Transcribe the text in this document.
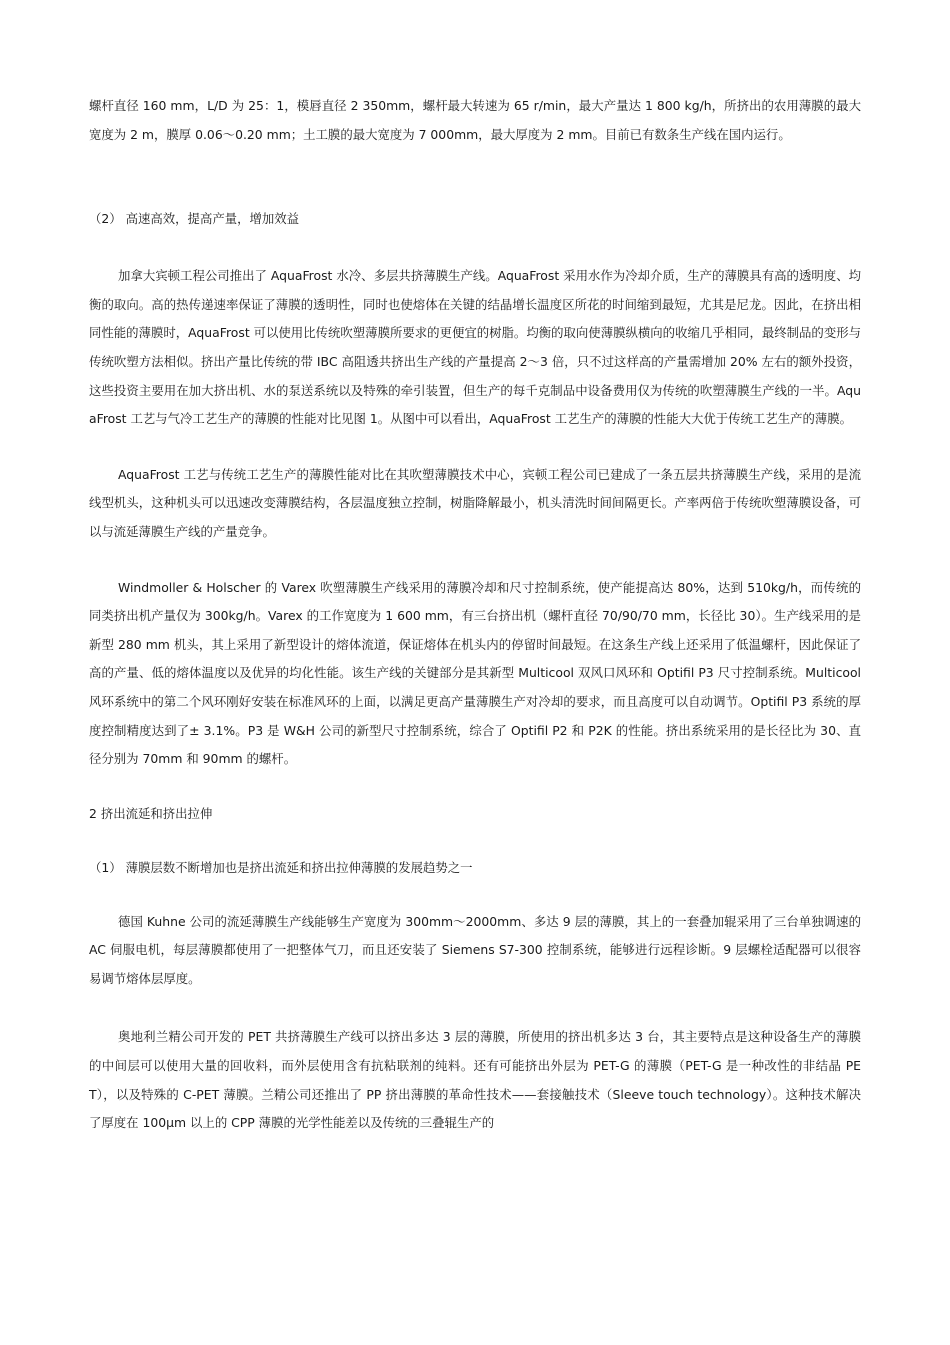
螺杆直径 160 mm，L/D 为 25：1，模唇直径 2 350mm，螺杆最大转速为 65 r/min，最大产量达 1 800 kg/h，所挤出的农用薄膜的最大宽度为 2 m，膜厚 0.06～0.20 mm；土工膜的最大宽度为 7 000mm，最大厚度为 2 mm。目前已有数条生产线在国内运行。

（2） 高速高效，提高产量，增加效益

加拿大宾顿工程公司推出了 AquaFrost 水冷、多层共挤薄膜生产线。AquaFrost 采用水作为冷却介质，生产的薄膜具有高的透明度、均衡的取向。高的热传递速率保证了薄膜的透明性，同时也使熔体在关键的结晶增长温度区所花的时间缩到最短，尤其是尼龙。因此，在挤出相同性能的薄膜时，AquaFrost 可以使用比传统吹塑薄膜所要求的更便宜的树脂。均衡的取向使薄膜纵横向的收缩几乎相同，最终制品的变形与传统吹塑方法相似。挤出产量比传统的带 IBC 高阻透共挤出生产线的产量提高 2～3 倍，只不过这样高的产量需增加 20% 左右的额外投资，这些投资主要用在加大挤出机、水的泵送系统以及特殊的牵引装置，但生产的每千克制品中设备费用仅为传统的吹塑薄膜生产线的一半。AquaFrost 工艺与气冷工艺生产的薄膜的性能对比见图 1。从图中可以看出，AquaFrost 工艺生产的薄膜的性能大大优于传统工艺生产的薄膜。

AquaFrost 工艺与传统工艺生产的薄膜性能对比在其吹塑薄膜技术中心，宾顿工程公司已建成了一条五层共挤薄膜生产线，采用的是流线型机头，这种机头可以迅速改变薄膜结构，各层温度独立控制，树脂降解最小，机头清洗时间间隔更长。产率两倍于传统吹塑薄膜设备，可以与流延薄膜生产线的产量竞争。

Windmoller & Holscher 的 Varex 吹塑薄膜生产线采用的薄膜冷却和尺寸控制系统，使产能提高达 80%，达到 510kg/h，而传统的同类挤出机产量仅为 300kg/h。Varex 的工作宽度为 1 600 mm，有三台挤出机（螺杆直径 70/90/70 mm，长径比 30）。生产线采用的是新型 280 mm 机头，其上采用了新型设计的熔体流道，保证熔体在机头内的停留时间最短。在这条生产线上还采用了低温螺杆，因此保证了高的产量、低的熔体温度以及优异的均化性能。该生产线的关键部分是其新型 Multicool 双风口风环和 Optifil P3 尺寸控制系统。Multicool 风环系统中的第二个风环刚好安装在标准风环的上面，以满足更高产量薄膜生产对冷却的要求，而且高度可以自动调节。Optifil P3 系统的厚度控制精度达到了± 3.1%。P3 是 W&H 公司的新型尺寸控制系统，综合了 Optifil P2 和 P2K 的性能。挤出系统采用的是长径比为 30、直径分别为 70mm 和 90mm 的螺杆。

2 挤出流延和挤出拉伸

（1） 薄膜层数不断增加也是挤出流延和挤出拉伸薄膜的发展趋势之一

德国 Kuhne 公司的流延薄膜生产线能够生产宽度为 300mm～2000mm、多达 9 层的薄膜，其上的一套叠加辊采用了三台单独调速的 AC 伺服电机，每层薄膜都使用了一把整体气刀，而且还安装了 Siemens S7-300 控制系统，能够进行远程诊断。9 层螺栓适配器可以很容易调节熔体层厚度。

奥地利兰精公司开发的 PET 共挤薄膜生产线可以挤出多达 3 层的薄膜，所使用的挤出机多达 3 台，其主要特点是这种设备生产的薄膜的中间层可以使用大量的回收料，而外层使用含有抗粘联剂的纯料。还有可能挤出外层为 PET-G 的薄膜（PET-G 是一种改性的非结晶 PET），以及特殊的 C-PET 薄膜。兰精公司还推出了 PP 挤出薄膜的革命性技术——套接触技术（Sleeve touch technology）。这种技术解决了厚度在 100μm 以上的 CPP 薄膜的光学性能差以及传统的三叠辊生产的
